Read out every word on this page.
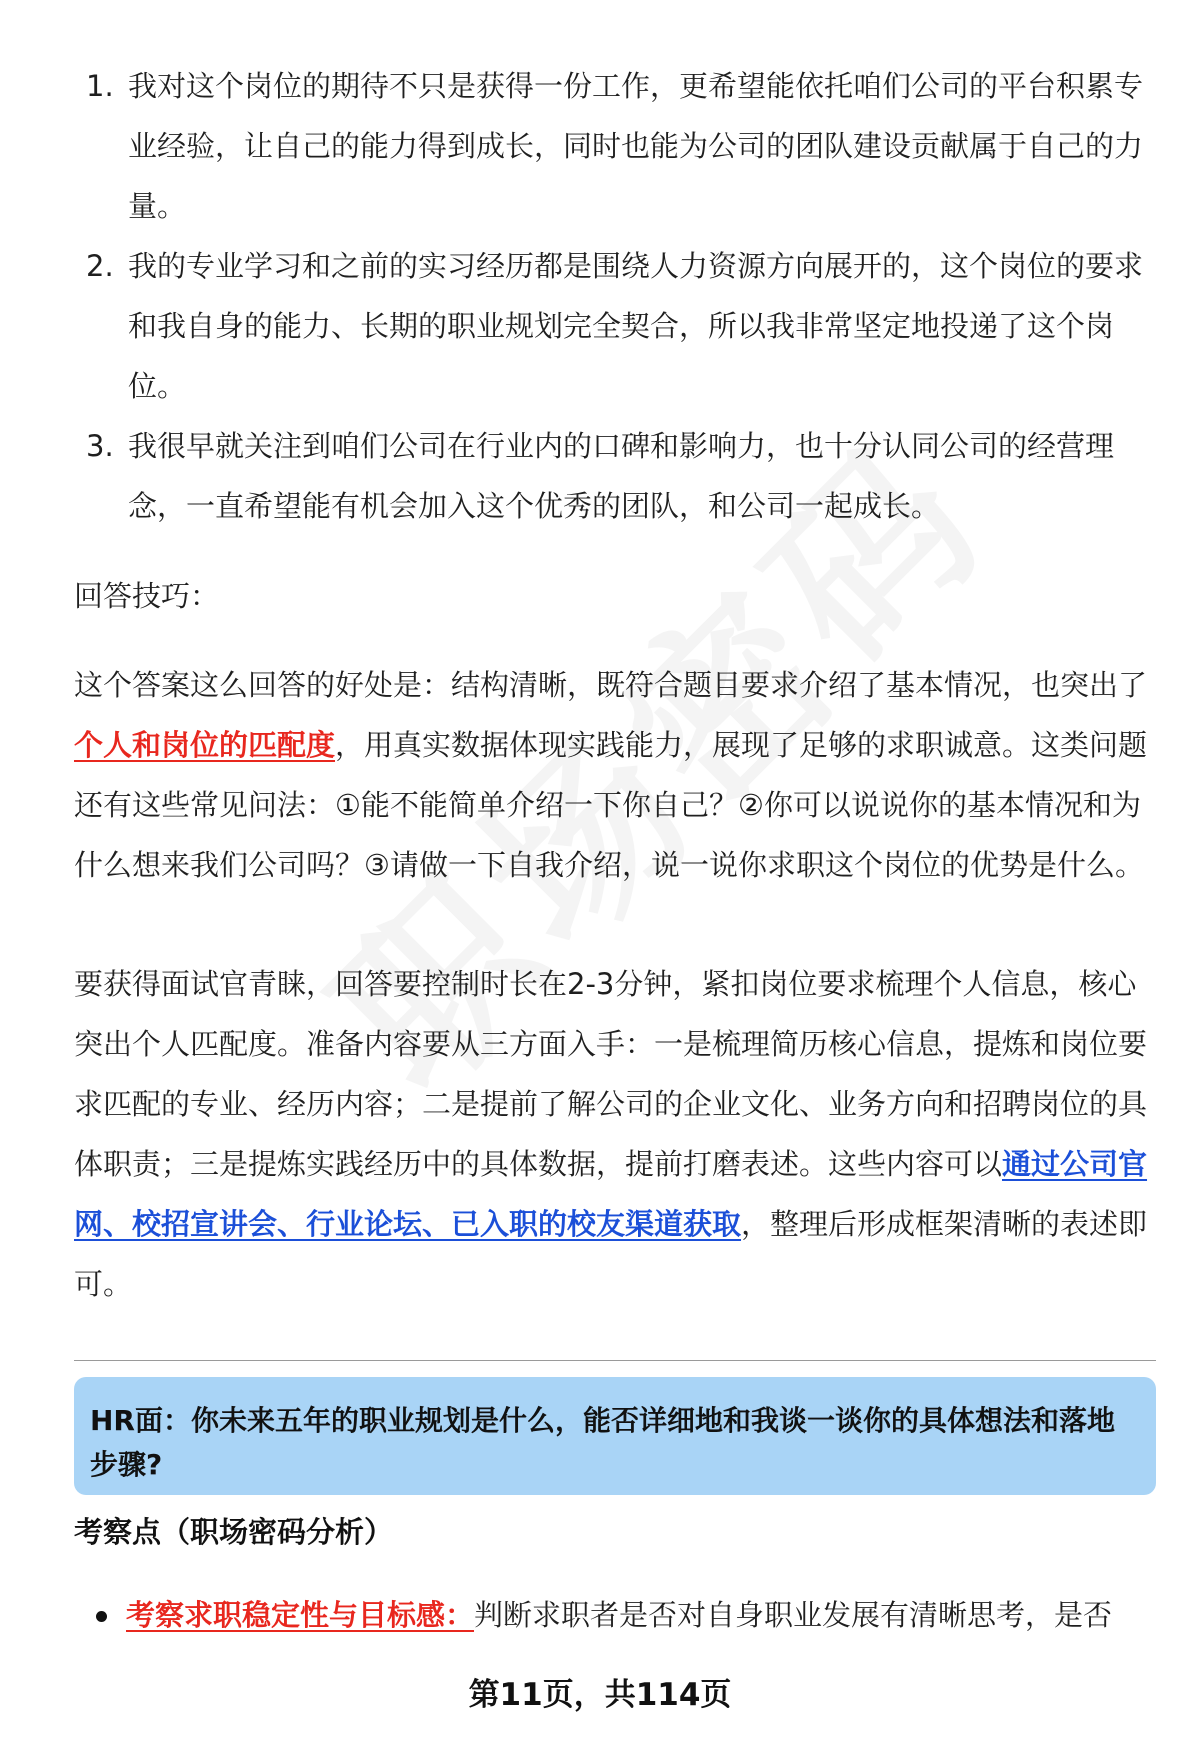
1. 我对这个岗位的期待不只是获得一份工作，更希望能依托咱们公司的平台积累专业经验，让自己的能力得到成长，同时也能为公司的团队建设贡献属于自己的力量。
2. 我的专业学习和之前的实习经历都是围绕人力资源方向展开的，这个岗位的要求和我自身的能力、长期的职业规划完全契合，所以我非常坚定地投递了这个岗位。
3. 我很早就关注到咱们公司在行业内的口碑和影响力，也十分认同公司的经营理念，一直希望能有机会加入这个优秀的团队，和公司一起成长。

回答技巧：

这个答案这么回答的好处是：结构清晰，既符合题目要求介绍了基本情况，也突出了个人和岗位的匹配度，用真实数据体现实践能力，展现了足够的求职诚意。这类问题还有这些常见问法：①能不能简单介绍一下你自己？②你可以说说你的基本情况和为什么想来我们公司吗？③请做一下自我介绍，说一说你求职这个岗位的优势是什么。

要获得面试官青睐，回答要控制时长在2-3分钟，紧扣岗位要求梳理个人信息，核心突出个人匹配度。准备内容要从三方面入手：一是梳理简历核心信息，提炼和岗位要求匹配的专业、经历内容；二是提前了解公司的企业文化、业务方向和招聘岗位的具体职责；三是提炼实践经历中的具体数据，提前打磨表述。这些内容可以通过公司官网、校招宣讲会、行业论坛、已入职的校友渠道获取，整理后形成框架清晰的表述即可。

HR面：你未来五年的职业规划是什么，能否详细地和我谈一谈你的具体想法和落地步骤?

考察点（职场密码分析）

考察求职稳定性与目标感：判断求职者是否对自身职业发展有清晰思考，是否
第11页，共114页
